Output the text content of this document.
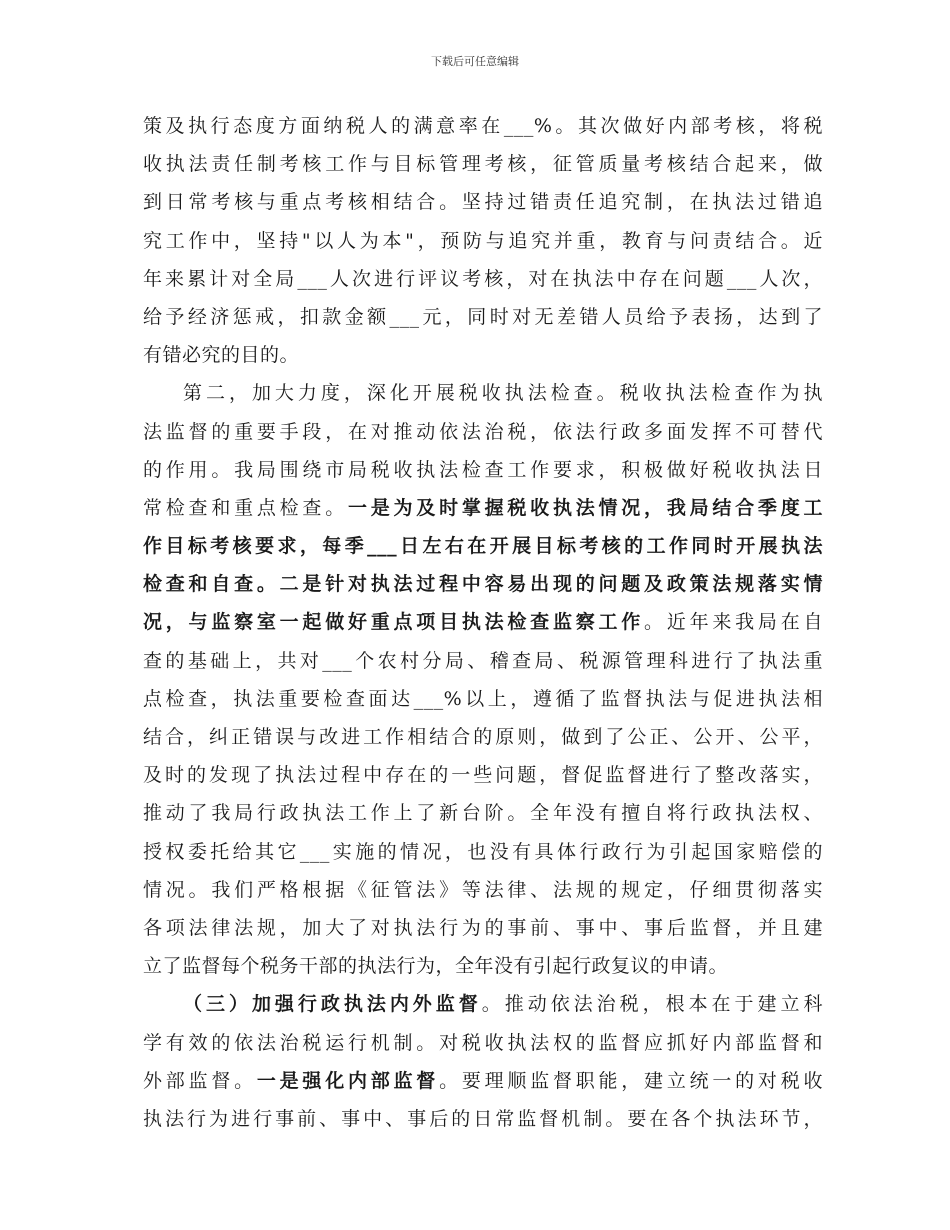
下载后可任意编辑
策及执行态度方面纳税人的满意率在___%。其次做好内部考核，将税
收执法责任制考核工作与目标管理考核，征管质量考核结合起来，做
到日常考核与重点考核相结合。坚持过错责任追究制，在执法过错追
究工作中，坚持"以人为本"，预防与追究并重，教育与问责结合。近
年来累计对全局___人次进行评议考核，对在执法中存在问题___人次，
给予经济惩戒，扣款金额___元，同时对无差错人员给予表扬，达到了
有错必究的目的。
第二，加大力度，深化开展税收执法检查。税收执法检查作为执
法监督的重要手段，在对推动依法治税，依法行政多面发挥不可替代
的作用。我局围绕市局税收执法检查工作要求，积极做好税收执法日
常检查和重点检查。一是为及时掌握税收执法情况，我局结合季度工
作目标考核要求，每季___日左右在开展目标考核的工作同时开展执法
检查和自查。二是针对执法过程中容易出现的问题及政策法规落实情
况，与监察室一起做好重点项目执法检查监察工作。近年来我局在自
查的基础上，共对___个农村分局、稽查局、税源管理科进行了执法重
点检查，执法重要检查面达___%以上，遵循了监督执法与促进执法相
结合，纠正错误与改进工作相结合的原则，做到了公正、公开、公平，
及时的发现了执法过程中存在的一些问题，督促监督进行了整改落实，
推动了我局行政执法工作上了新台阶。全年没有擅自将行政执法权、
授权委托给其它___实施的情况，也没有具体行政行为引起国家赔偿的
情况。我们严格根据《征管法》等法律、法规的规定，仔细贯彻落实
各项法律法规，加大了对执法行为的事前、事中、事后监督，并且建
立了监督每个税务干部的执法行为，全年没有引起行政复议的申请。
（三）加强行政执法内外监督。推动依法治税，根本在于建立科
学有效的依法治税运行机制。对税收执法权的监督应抓好内部监督和
外部监督。一是强化内部监督。要理顺监督职能，建立统一的对税收
执法行为进行事前、事中、事后的日常监督机制。要在各个执法环节，
